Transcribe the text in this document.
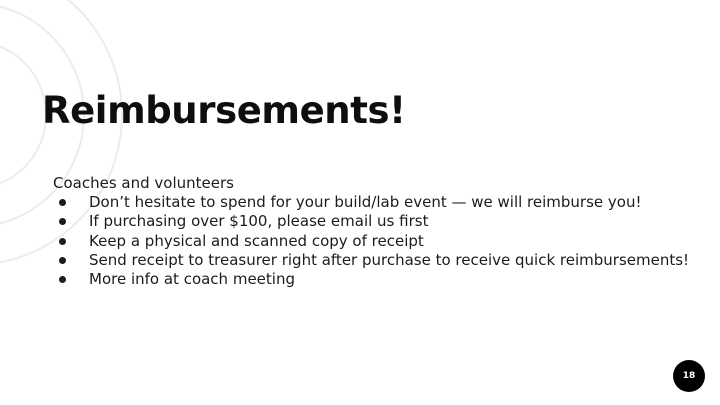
Reimbursements!

Coaches and volunteers

Don’t hesitate to spend for your build/lab event — we will reimburse you!
If purchasing over $100, please email us first
Keep a physical and scanned copy of receipt
Send receipt to treasurer right after purchase to receive quick reimbursements!
More info at coach meeting
18
